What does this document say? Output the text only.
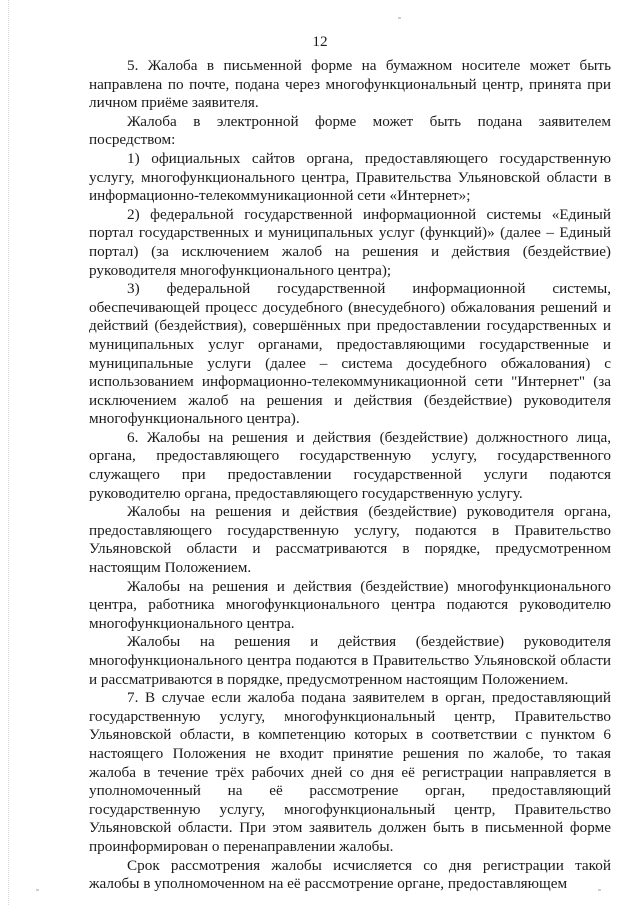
12

5. Жалоба в письменной форме на бумажном носителе может быть направлена по почте, подана через многофункциональный центр, принята при личном приёме заявителя.

Жалоба в электронной форме может быть подана заявителем посредством:

1) официальных сайтов органа, предоставляющего государственную услугу, многофункционального центра, Правительства Ульяновской области в информационно-телекоммуникационной сети «Интернет»;

2) федеральной государственной информационной системы «Единый портал государственных и муниципальных услуг (функций)» (далее – Единый портал) (за исключением жалоб на решения и действия (бездействие) руководителя многофункционального центра);

3) федеральной государственной информационной системы, обеспечивающей процесс досудебного (внесудебного) обжалования решений и действий (бездействия), совершённых при предоставлении государственных и муниципальных услуг органами, предоставляющими государственные и муниципальные услуги (далее – система досудебного обжалования) с использованием информационно-телекоммуникационной сети "Интернет" (за исключением жалоб на решения и действия (бездействие) руководителя многофункционального центра).

6. Жалобы на решения и действия (бездействие) должностного лица, органа, предоставляющего государственную услугу, государственного служащего при предоставлении государственной услуги подаются руководителю органа, предоставляющего государственную услугу.

Жалобы на решения и действия (бездействие) руководителя органа, предоставляющего государственную услугу, подаются в Правительство Ульяновской области и рассматриваются в порядке, предусмотренном настоящим Положением.

Жалобы на решения и действия (бездействие) многофункционального центра, работника многофункционального центра подаются руководителю многофункционального центра.

Жалобы на решения и действия (бездействие) руководителя многофункционального центра подаются в Правительство Ульяновской области и рассматриваются в порядке, предусмотренном настоящим Положением.

7. В случае если жалоба подана заявителем в орган, предоставляющий государственную услугу, многофункциональный центр, Правительство Ульяновской области, в компетенцию которых в соответствии с пунктом 6 настоящего Положения не входит принятие решения по жалобе, то такая жалоба в течение трёх рабочих дней со дня её регистрации направляется в уполномоченный на её рассмотрение орган, предоставляющий государственную услугу, многофункциональный центр, Правительство Ульяновской области. При этом заявитель должен быть в письменной форме проинформирован о перенаправлении жалобы.

Срок рассмотрения жалобы исчисляется со дня регистрации такой жалобы в уполномоченном на её рассмотрение органе, предоставляющем
